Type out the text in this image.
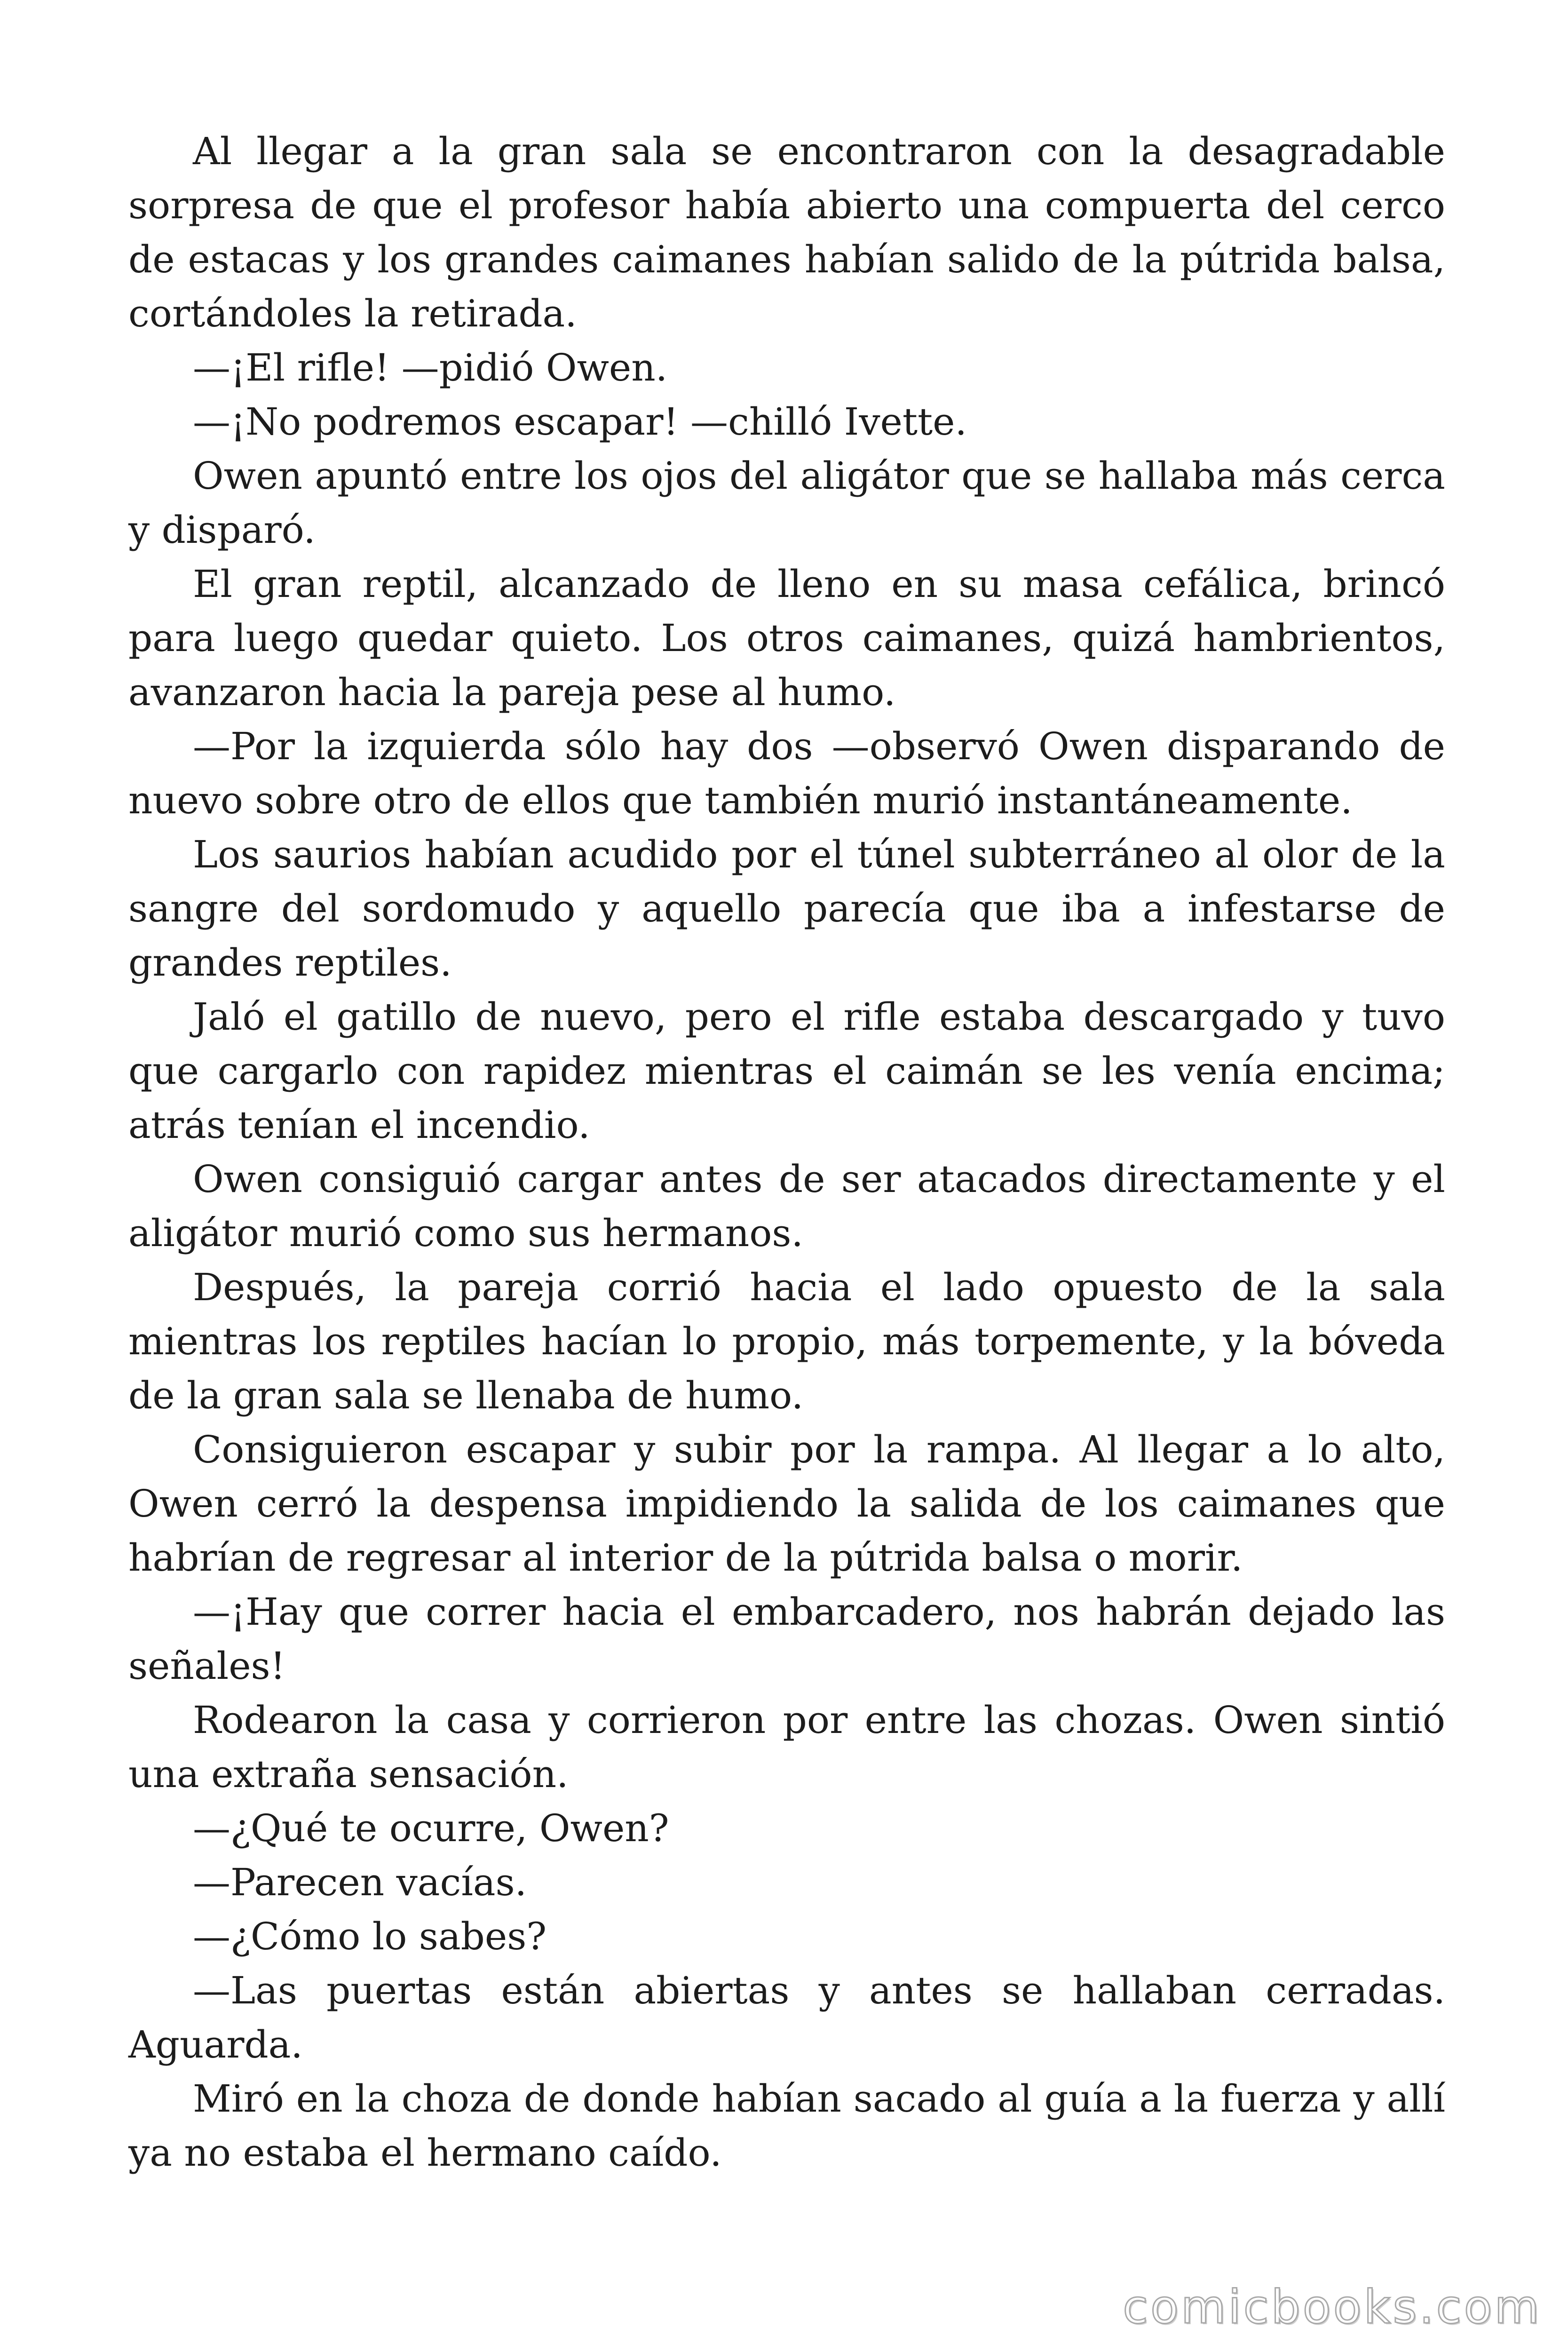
Al llegar a la gran sala se encontraron con la desagradable sorpresa de que el profesor había abierto una compuerta del cerco de estacas y los grandes caimanes habían salido de la pútrida balsa, cortándoles la retirada.

—¡El rifle! —pidió Owen.

—¡No podremos escapar! —chilló Ivette.

Owen apuntó entre los ojos del aligátor que se hallaba más cerca y disparó.

El gran reptil, alcanzado de lleno en su masa cefálica, brincó para luego quedar quieto. Los otros caimanes, quizá hambrientos, avanzaron hacia la pareja pese al humo.

—Por la izquierda sólo hay dos —observó Owen disparando de nuevo sobre otro de ellos que también murió instantáneamente.

Los saurios habían acudido por el túnel subterráneo al olor de la sangre del sordomudo y aquello parecía que iba a infestarse de grandes reptiles.

Jaló el gatillo de nuevo, pero el rifle estaba descargado y tuvo que cargarlo con rapidez mientras el caimán se les venía encima; atrás tenían el incendio.

Owen consiguió cargar antes de ser atacados directamente y el aligátor murió como sus hermanos.

Después, la pareja corrió hacia el lado opuesto de la sala mientras los reptiles hacían lo propio, más torpemente, y la bóveda de la gran sala se llenaba de humo.

Consiguieron escapar y subir por la rampa. Al llegar a lo alto, Owen cerró la despensa impidiendo la salida de los caimanes que habrían de regresar al interior de la pútrida balsa o morir.

—¡Hay que correr hacia el embarcadero, nos habrán dejado las señales!

Rodearon la casa y corrieron por entre las chozas. Owen sintió una extraña sensación.

—¿Qué te ocurre, Owen?

—Parecen vacías.

—¿Cómo lo sabes?

—Las puertas están abiertas y antes se hallaban cerradas. Aguarda.

Miró en la choza de donde habían sacado al guía a la fuerza y allí ya no estaba el hermano caído.

comicbooks.com
